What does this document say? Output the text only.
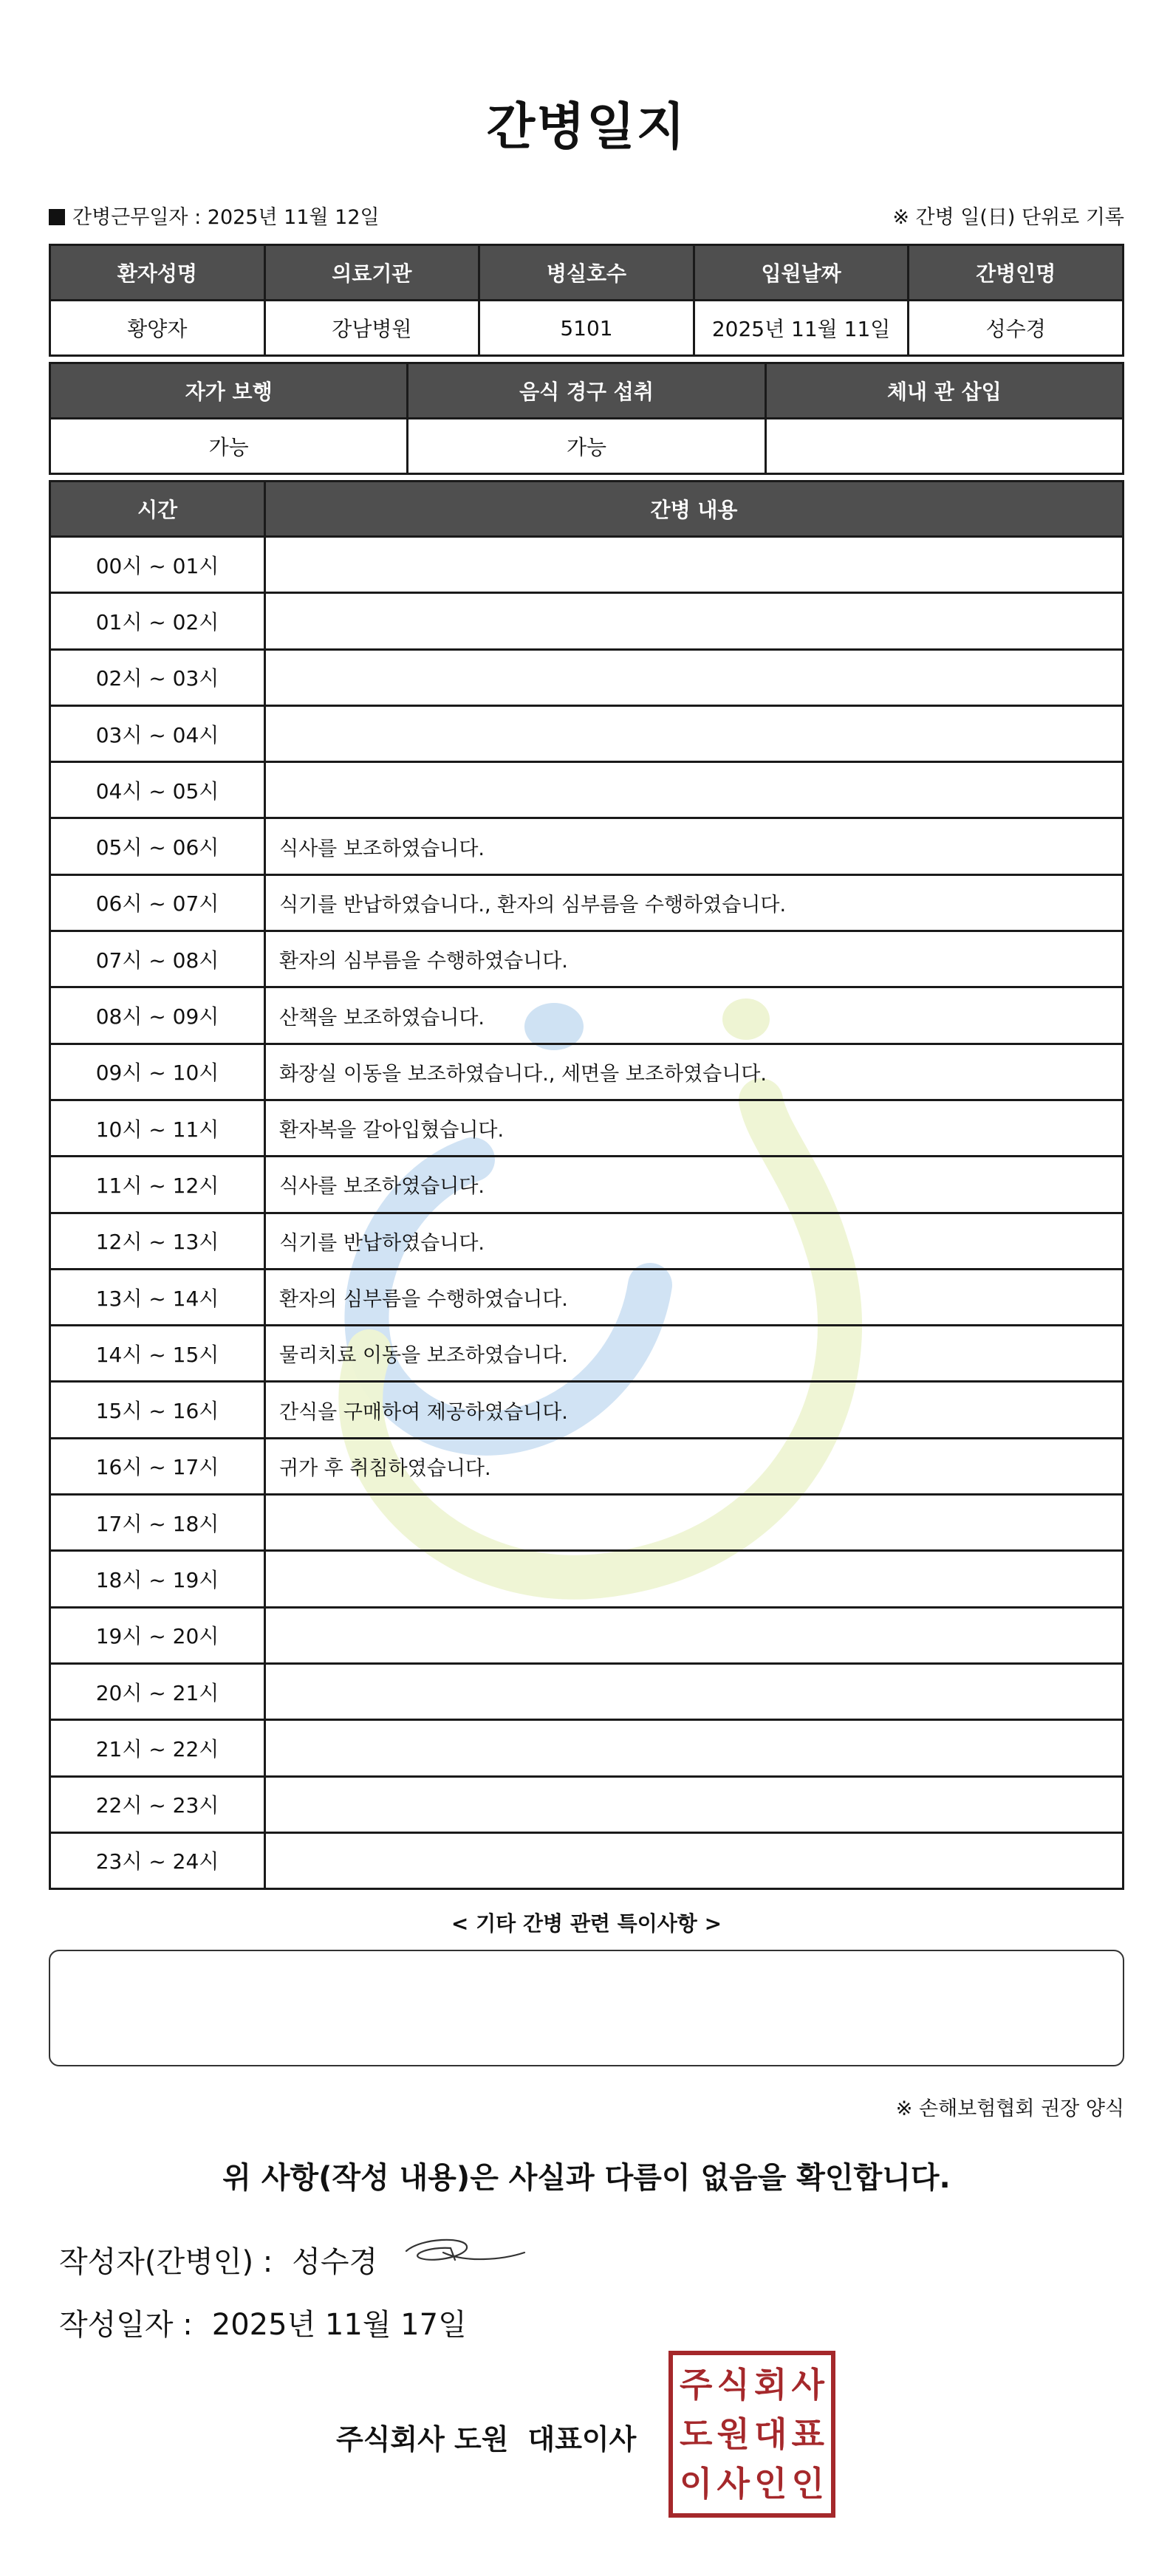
간병일지
간병근무일자 : 2025년 11월 12일	※ 간병 일(日) 단위로 기록
환자성명	의료기관	병실호수	입원날짜	간병인명
황양자	강남병원	5101	2025년 11월 11일	성수경
자가 보행	음식 경구 섭취	체내 관 삽입
가능	가능	
시간	간병 내용
00시 ~ 01시	
01시 ~ 02시	
02시 ~ 03시	
03시 ~ 04시	
04시 ~ 05시	
05시 ~ 06시	식사를 보조하였습니다.
06시 ~ 07시	식기를 반납하였습니다., 환자의 심부름을 수행하였습니다.
07시 ~ 08시	환자의 심부름을 수행하였습니다.
08시 ~ 09시	산책을 보조하였습니다.
09시 ~ 10시	화장실 이동을 보조하였습니다., 세면을 보조하였습니다.
10시 ~ 11시	환자복을 갈아입혔습니다.
11시 ~ 12시	식사를 보조하였습니다.
12시 ~ 13시	식기를 반납하였습니다.
13시 ~ 14시	환자의 심부름을 수행하였습니다.
14시 ~ 15시	물리치료 이동을 보조하였습니다.
15시 ~ 16시	간식을 구매하여 제공하였습니다.
16시 ~ 17시	귀가 후 취침하였습니다.
17시 ~ 18시	
18시 ~ 19시	
19시 ~ 20시	
20시 ~ 21시	
21시 ~ 22시	
22시 ~ 23시	
23시 ~ 24시	
< 기타 간병 관련 특이사항 >
※ 손해보험협회 권장 양식
위 사항(작성 내용)은 사실과 다름이 없음을 확인합니다.
작성자(간병인) : 성수경
작성일자 : 2025년 11월 17일
주식회사 도원 대표이사
주 식 회 사
도 원 대 표
이 사 인 인
